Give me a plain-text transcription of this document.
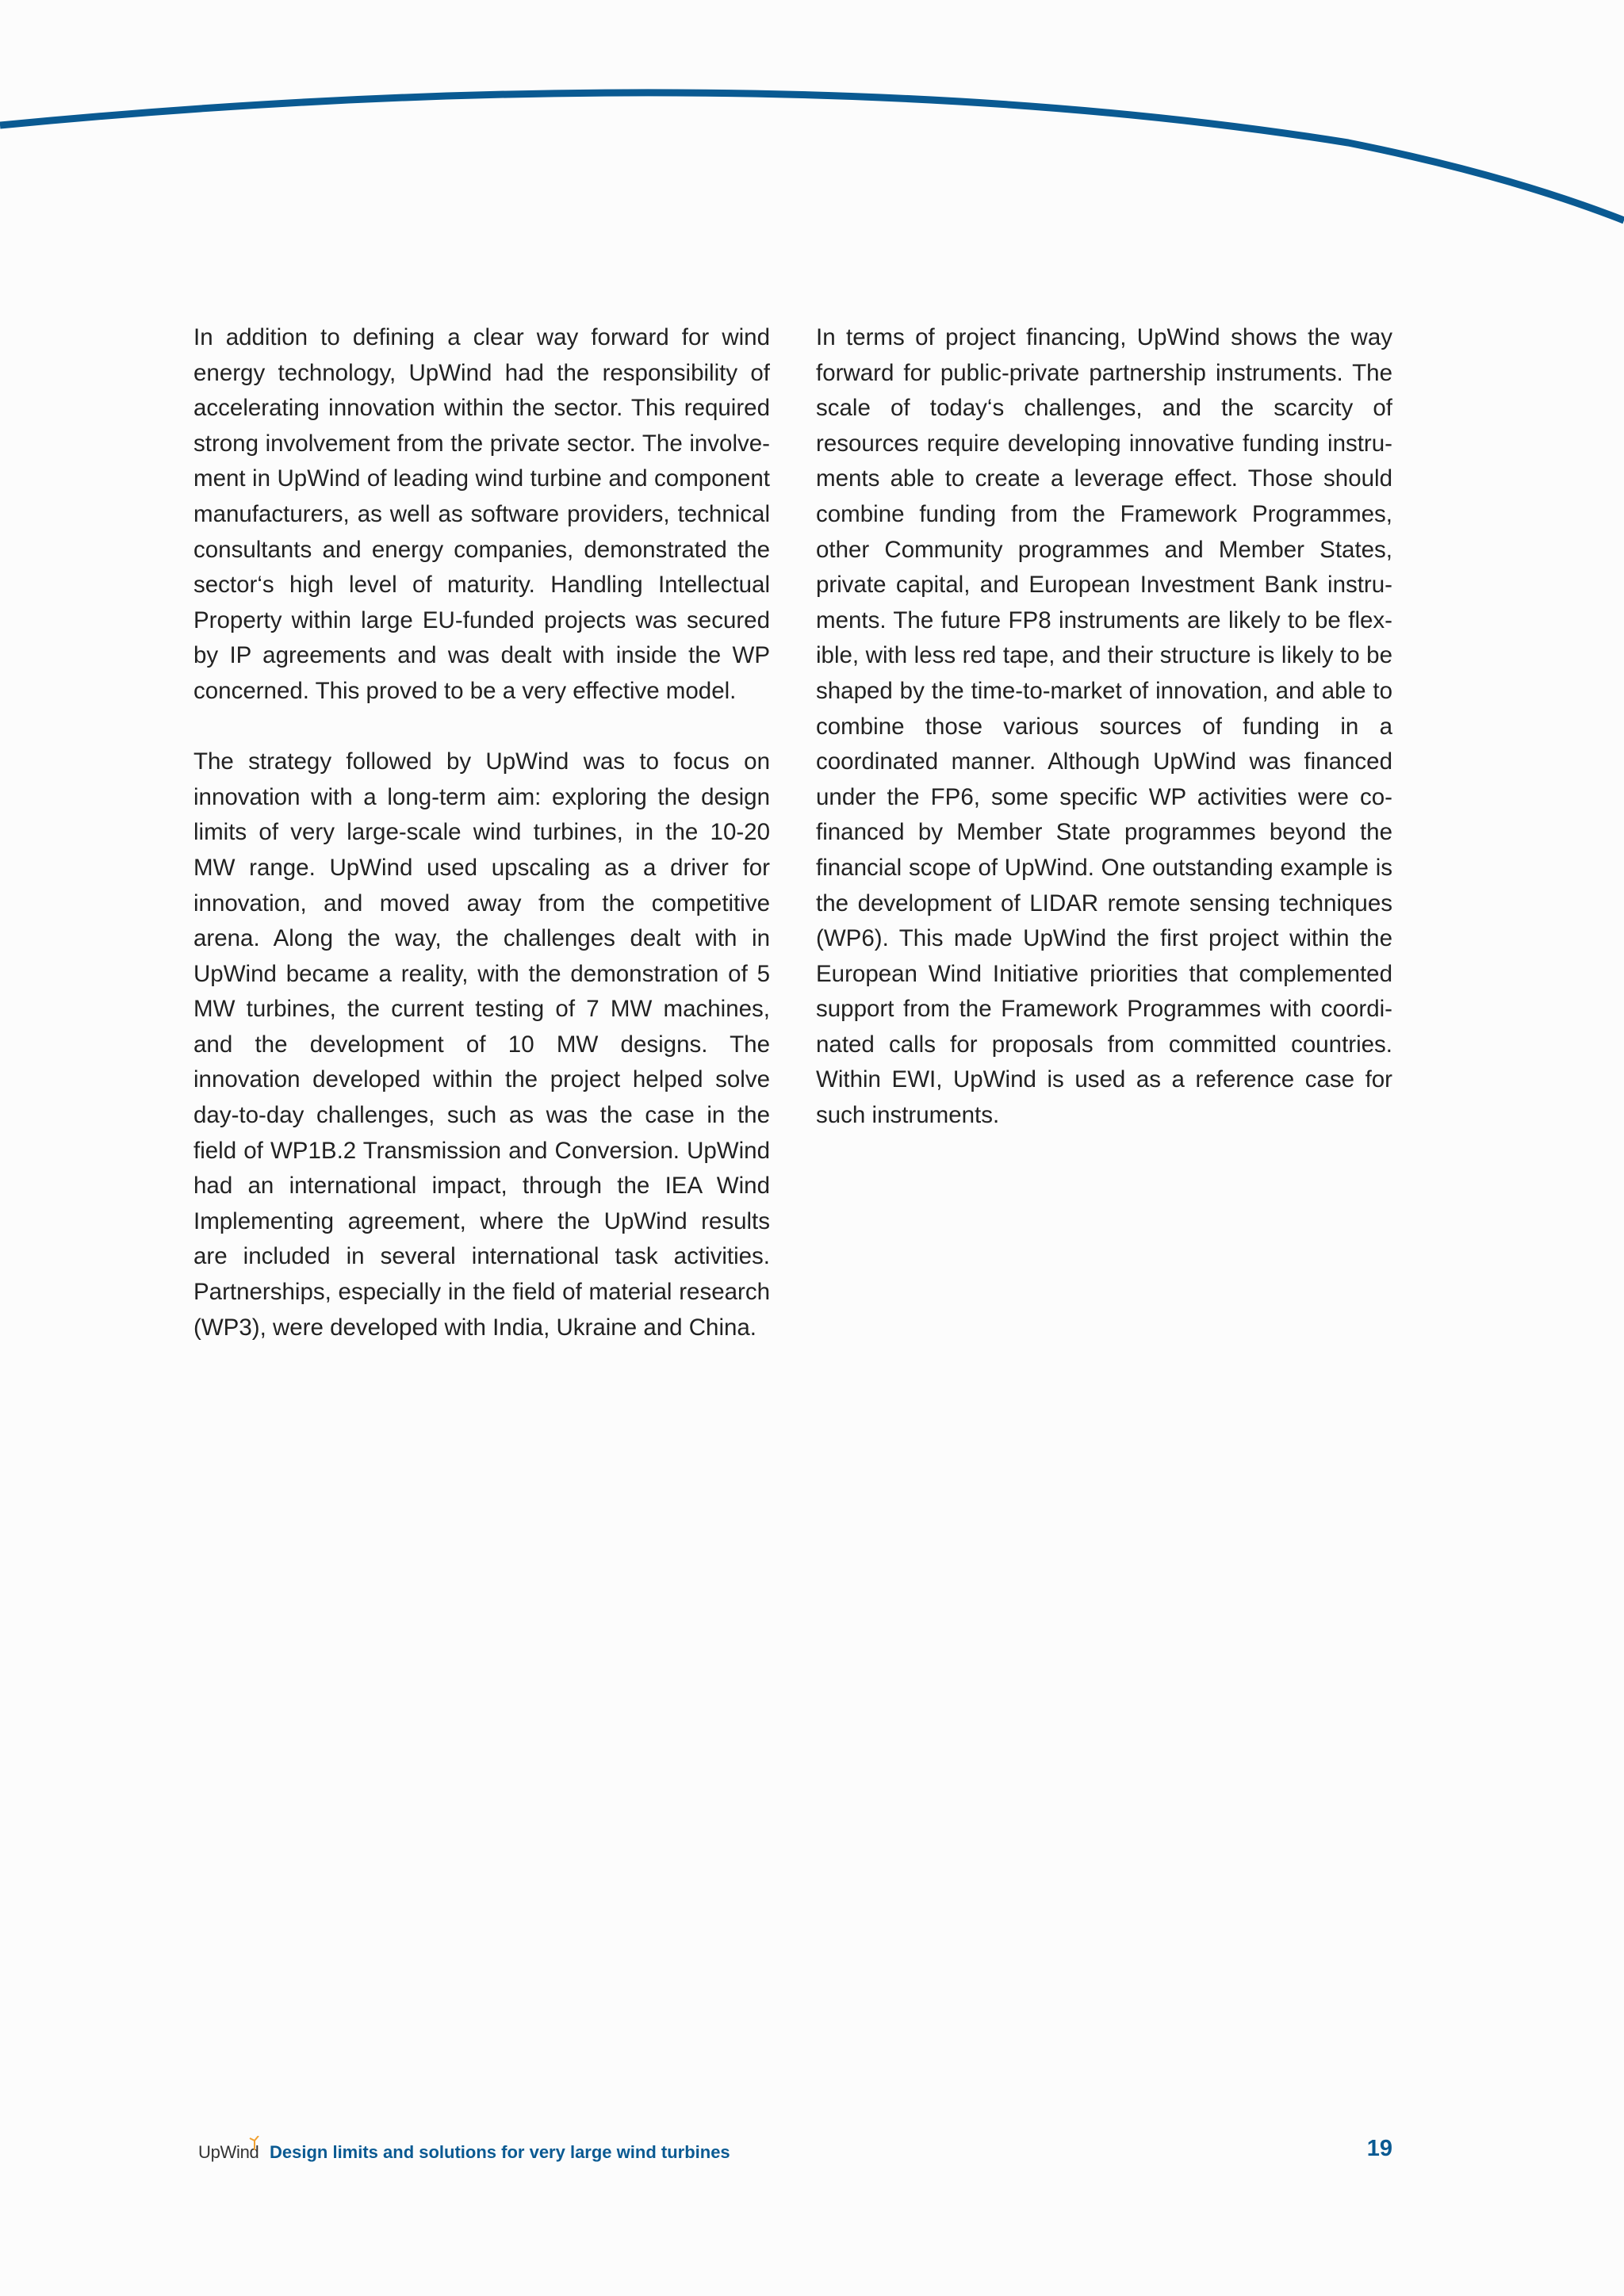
In addition to defining a clear way forward for wind energy technology, UpWind had the responsibility of accelerating innovation within the sector. This required strong involvement from the private sector. The involvement in UpWind of leading wind turbine and component manufacturers, as well as software providers, technical consultants and energy companies, demonstrated the sector‘s high level of maturity. Handling Intellectual Property within large EU-funded projects was secured by IP agreements and was dealt with inside the WP concerned. This proved to be a very effective model.

The strategy followed by UpWind was to focus on innovation with a long-term aim: exploring the design limits of very large-scale wind turbines, in the 10-20 MW range. UpWind used upscaling as a driver for innovation, and moved away from the competitive arena. Along the way, the challenges dealt with in UpWind became a reality, with the demonstration of 5 MW turbines, the current testing of 7 MW machines, and the development of 10 MW designs. The innovation developed within the project helped solve day-to-day challenges, such as was the case in the field of WP1B.2 Transmission and Conversion. UpWind had an international impact, through the IEA Wind Implementing agreement, where the UpWind results are included in several international task activities. Partnerships, especially in the field of material research (WP3), were developed with India, Ukraine and China.

In terms of project financing, UpWind shows the way forward for public-private partnership instruments. The scale of today‘s challenges, and the scarcity of resources require developing innovative funding instruments able to create a leverage effect. Those should combine funding from the Framework Programmes, other Community programmes and Member States, private capital, and European Investment Bank instruments. The future FP8 instruments are likely to be flexible, with less red tape, and their structure is likely to be shaped by the time-to-market of innovation, and able to combine those various sources of funding in a coordinated manner. Although UpWind was financed under the FP6, some specific WP activities were co-financed by Member State programmes beyond the financial scope of UpWind. One outstanding example is the development of LIDAR remote sensing techniques (WP6). This made UpWind the first project within the European Wind Initiative priorities that complemented support from the Framework Programmes with coordinated calls for proposals from committed countries. Within EWI, UpWind is used as a reference case for such instruments.

UpWind Design limits and solutions for very large wind turbines	19
